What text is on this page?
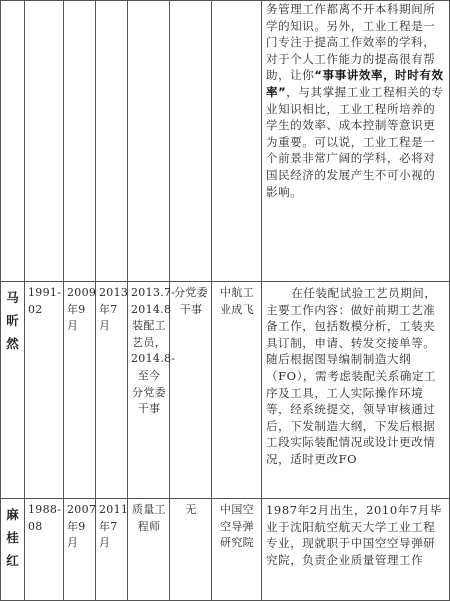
							务管理工作都离不开本科期间所学的知识。另外，工业工程是一门专注于提高工作效率的学科，对于个人工作能力的提高很有帮助，让你“事事讲效率，时时有效率”，与其掌握工业工程相关的专业知识相比，工业工程所培养的学生的效率、成本控制等意识更为重要。可以说，工业工程是一个前景非常广阔的学科，必将对国民经济的发展产生不可小视的影响。

马昕然	1991-02	2009年9月	2013年7月	2013.7-2014.8装配工艺员，2014.8-至今 分党委干事	分党委干事	中航工业成飞	在任装配试验工艺员期间，主要工作内容：做好前期工艺准备工作，包括数模分析，工装夹具订制，申请、转发交接单等。随后根据图导编制制造大纲（FO），需考虑装配关系确定工序及工具，工人实际操作环境等，经系统提交，领导审核通过后，下发制造大纲，下发后根据工段实际装配情况或设计更改情况，适时更改FO

麻桂红	1988-08	2007年9月	2011年7月	质量工程师	无	中国空空导弹研究院	1987年2月出生，2010年7月毕业于沈阳航空航天大学工业工程专业，现就职于中国空空导弹研究院，负责企业质量管理工作
